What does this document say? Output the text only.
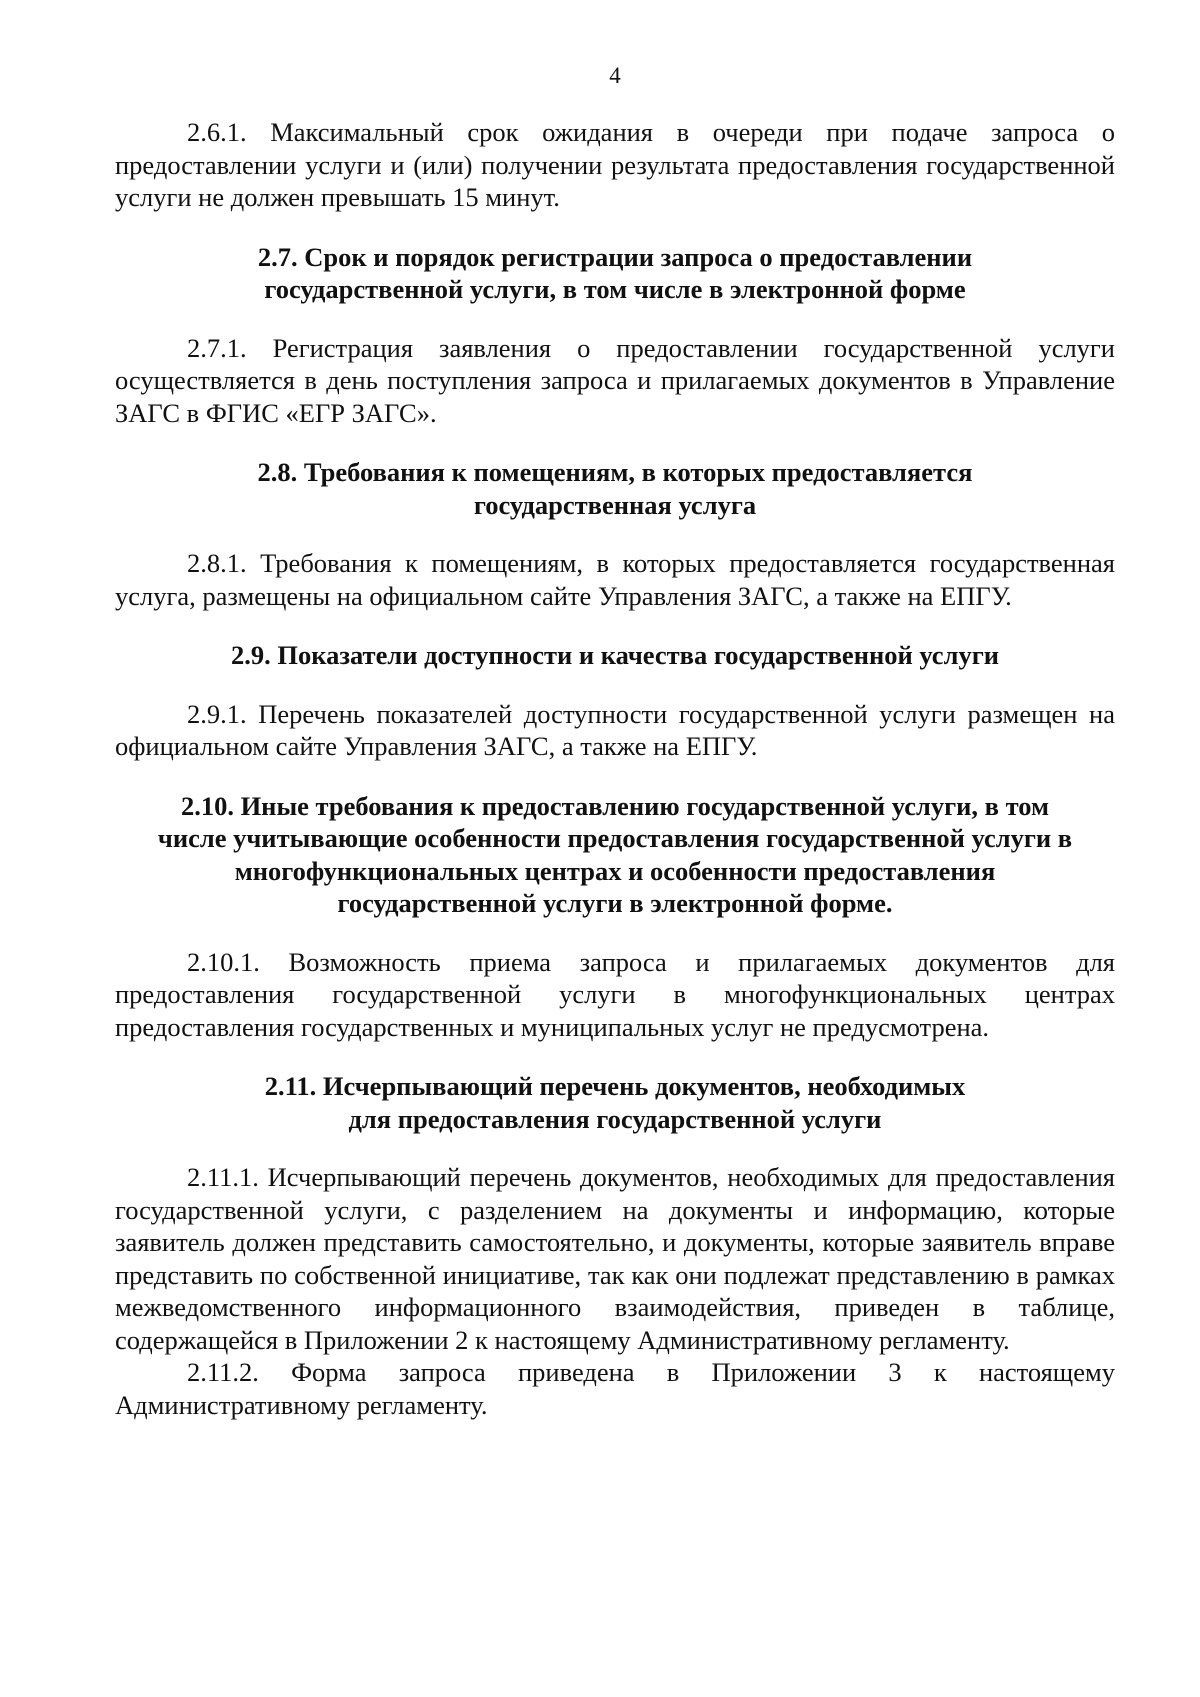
4

2.6.1. Максимальный срок ожидания в очереди при подаче запроса о предоставлении услуги и (или) получении результата предоставления государственной услуги не должен превышать 15 минут.

2.7. Срок и порядок регистрации запроса о предоставлении
государственной услуги, в том числе в электронной форме

2.7.1. Регистрация заявления о предоставлении государственной услуги осуществляется в день поступления запроса и прилагаемых документов в Управление ЗАГС в ФГИС «ЕГР ЗАГС».

2.8. Требования к помещениям, в которых предоставляется
государственная услуга

2.8.1. Требования к помещениям, в которых предоставляется государственная услуга, размещены на официальном сайте Управления ЗАГС, а также на ЕПГУ.

2.9. Показатели доступности и качества государственной услуги

2.9.1. Перечень показателей доступности государственной услуги размещен на официальном сайте Управления ЗАГС, а также на ЕПГУ.

2.10. Иные требования к предоставлению государственной услуги, в том
числе учитывающие особенности предоставления государственной услуги в
многофункциональных центрах и особенности предоставления
государственной услуги в электронной форме.

2.10.1. Возможность приема запроса и прилагаемых документов для предоставления государственной услуги в многофункциональных центрах предоставления государственных и муниципальных услуг не предусмотрена.

2.11. Исчерпывающий перечень документов, необходимых
для предоставления государственной услуги

2.11.1. Исчерпывающий перечень документов, необходимых для предоставления государственной услуги, с разделением на документы и информацию, которые заявитель должен представить самостоятельно, и документы, которые заявитель вправе представить по собственной инициативе, так как они подлежат представлению в рамках межведомственного информационного взаимодействия, приведен в таблице, содержащейся в Приложении 2 к настоящему Административному регламенту.

2.11.2. Форма запроса приведена в Приложении 3 к настоящему Административному регламенту.
